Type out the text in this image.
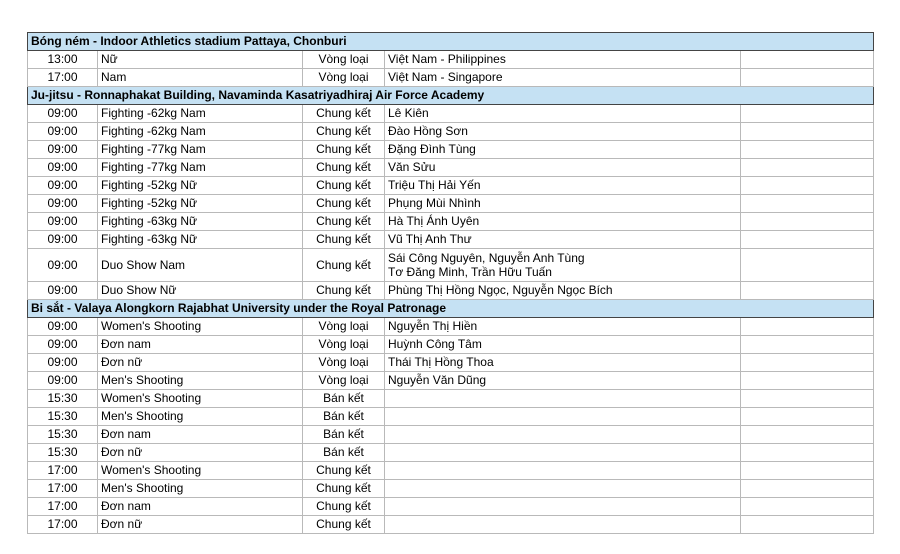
Bóng ném - Indoor Athletics stadium Pattaya, Chonburi				
13:00	Nữ	Vòng loại	Việt Nam - Philippines	
17:00	Nam	Vòng loại	Việt Nam - Singapore	
Ju-jitsu - Ronnaphakat Building, Navaminda Kasatriyadhiraj Air Force Academy				
09:00	Fighting -62kg Nam	Chung kết	Lê Kiên	
09:00	Fighting -62kg Nam	Chung kết	Đào Hồng Sơn	
09:00	Fighting -77kg Nam	Chung kết	Đặng Đình Tùng	
09:00	Fighting -77kg Nam	Chung kết	Văn Sửu	
09:00	Fighting -52kg Nữ	Chung kết	Triệu Thị Hải Yến	
09:00	Fighting -52kg Nữ	Chung kết	Phụng Mùi Nhình	
09:00	Fighting -63kg Nữ	Chung kết	Hà Thị Ánh Uyên	
09:00	Fighting -63kg Nữ	Chung kết	Vũ Thị Anh Thư	
09:00	Duo Show Nam	Chung kết	Sái Công Nguyên, Nguyễn Anh Tùng
Tơ Đăng Minh, Trần Hữu Tuấn	

09:00	Duo Show Nữ	Chung kết	Phùng Thị Hồng Ngọc, Nguyễn Ngọc Bích	
Bi sắt - Valaya Alongkorn Rajabhat University under the Royal Patronage				
09:00	Women's Shooting	Vòng loại	Nguyễn Thị Hiền	
09:00	Đơn nam	Vòng loại	Huỳnh Công Tâm	
09:00	Đơn nữ	Vòng loại	Thái Thị Hồng Thoa	
09:00	Men's Shooting	Vòng loại	Nguyễn Văn Dũng	
15:30	Women's Shooting	Bán kết		
15:30	Men's Shooting	Bán kết		
15:30	Đơn nam	Bán kết		
15:30	Đơn nữ	Bán kết		
17:00	Women's Shooting	Chung kết		
17:00	Men's Shooting	Chung kết		
17:00	Đơn nam	Chung kết		
17:00	Đơn nữ	Chung kết		
